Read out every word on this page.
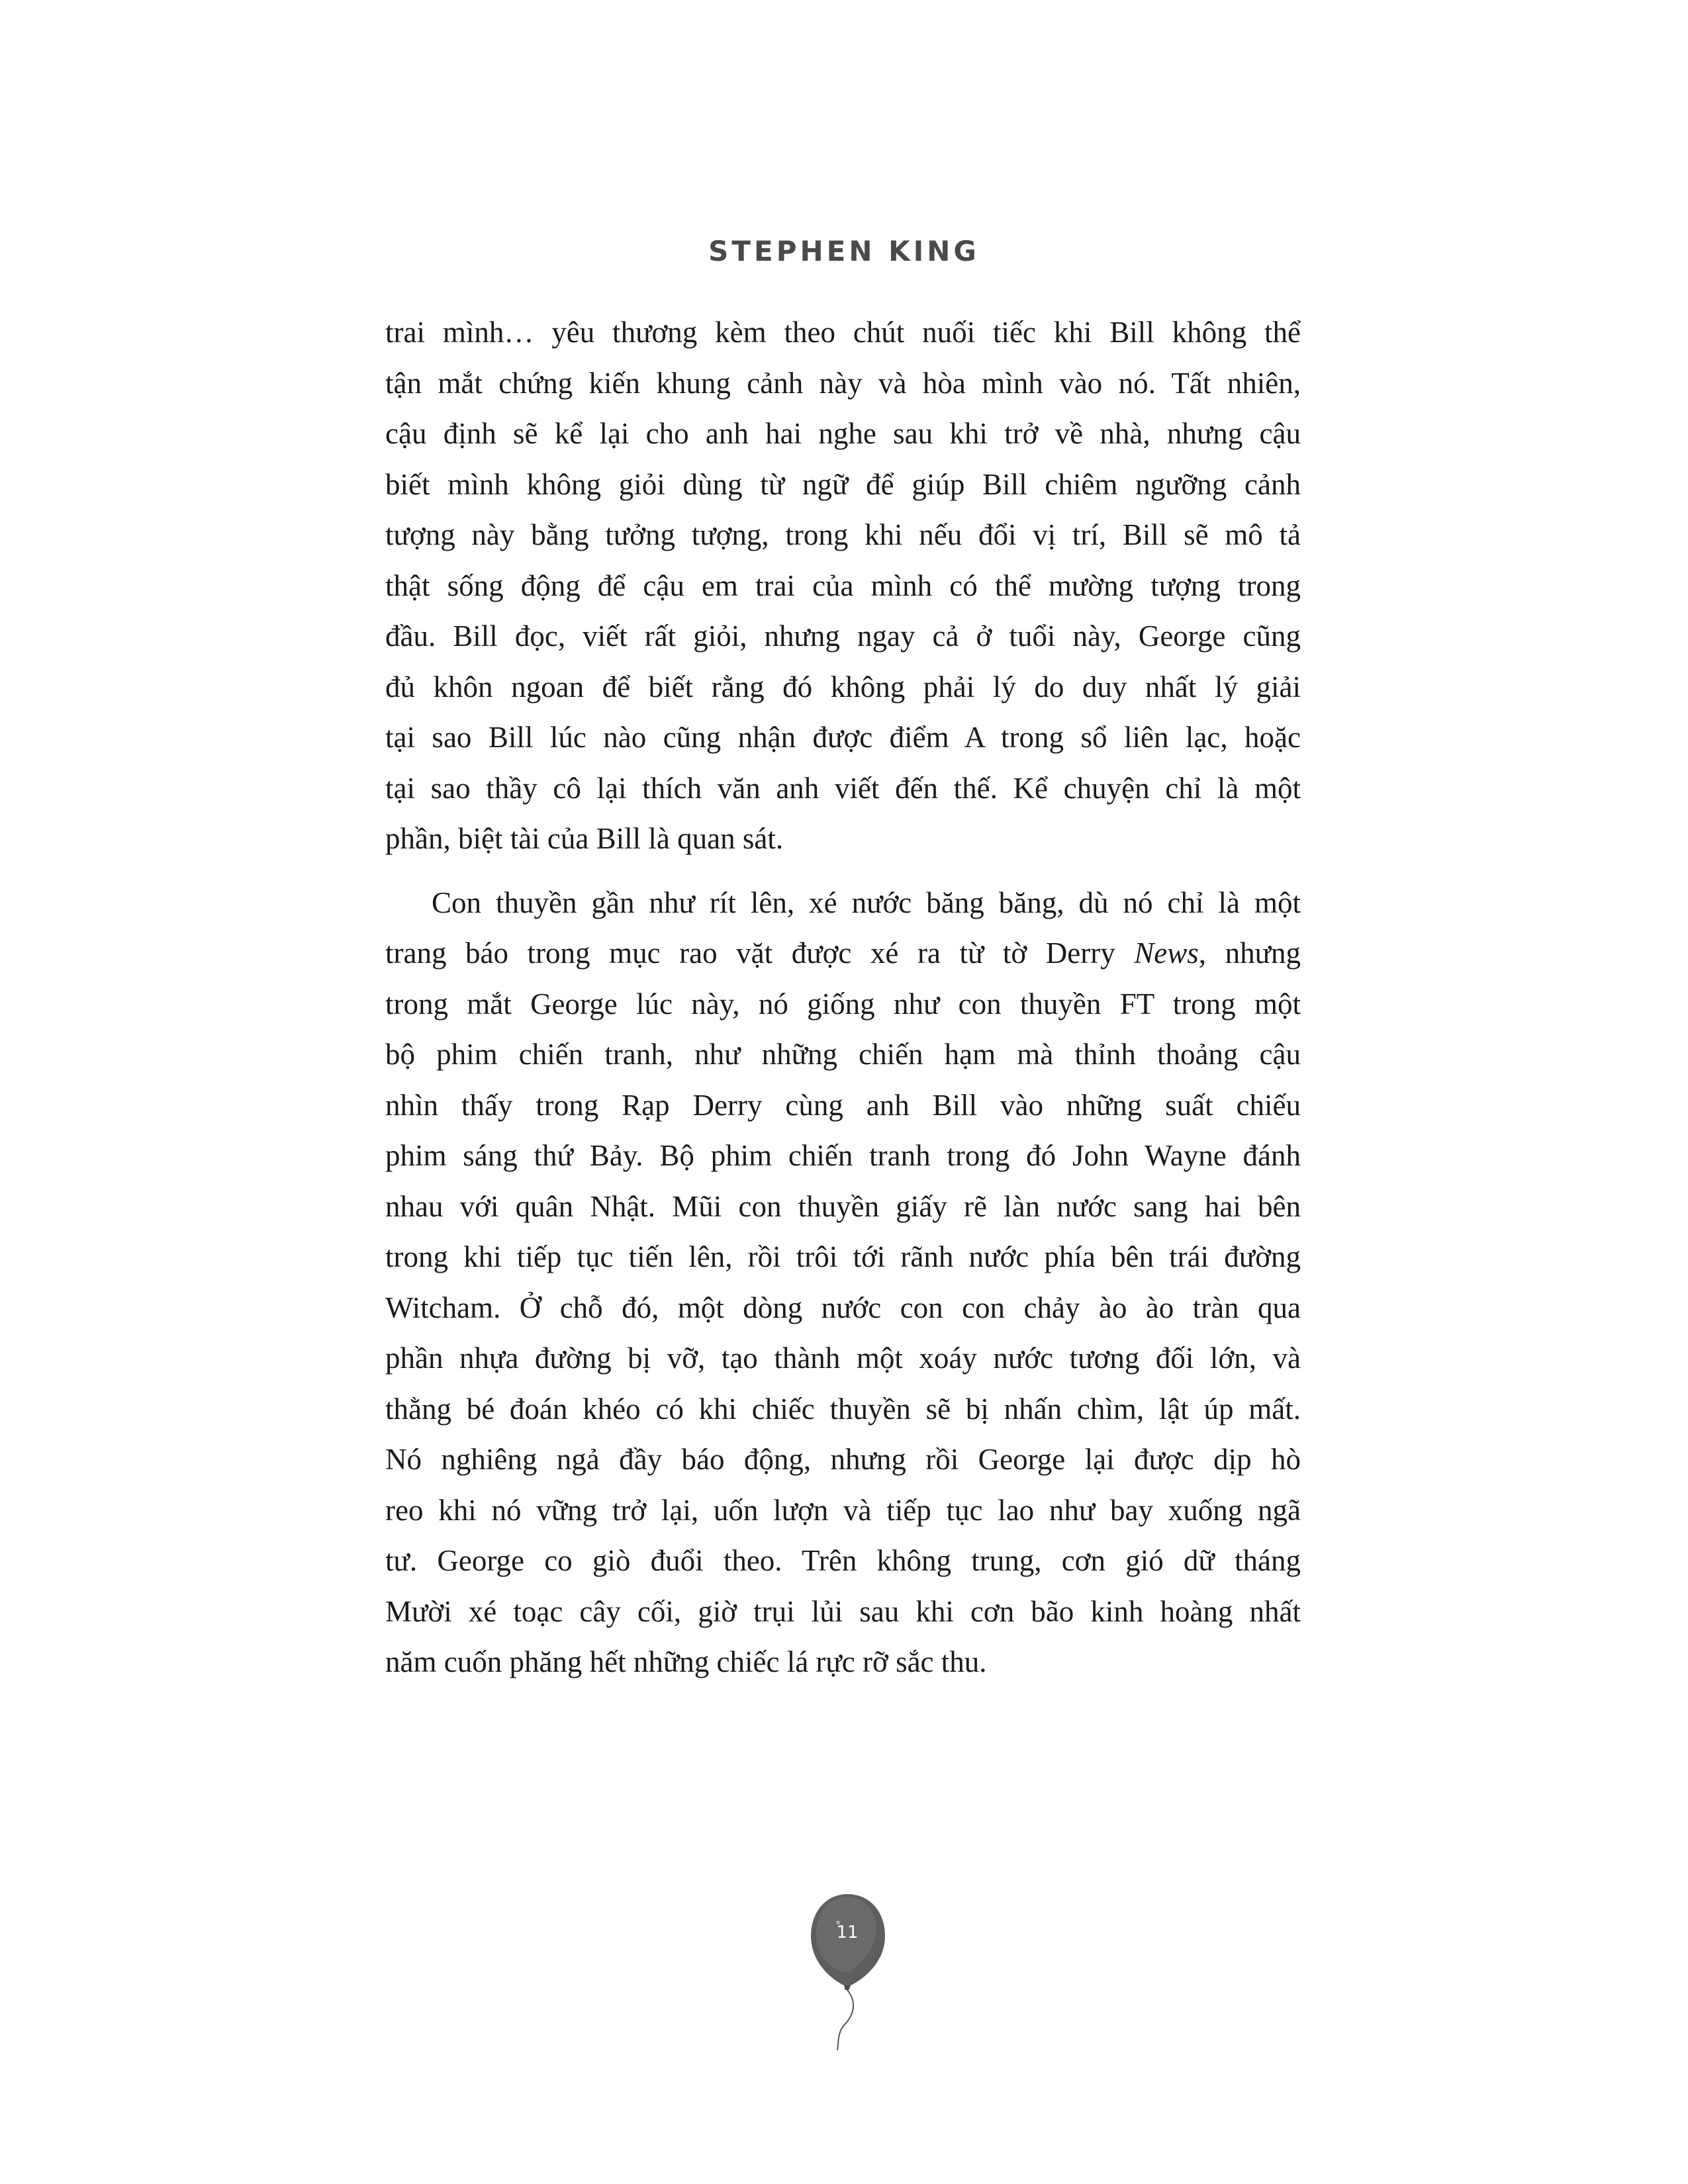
STEPHEN KING
trai mình… yêu thương kèm theo chút nuối tiếc khi Bill không thể
tận mắt chứng kiến khung cảnh này và hòa mình vào nó. Tất nhiên,
cậu định sẽ kể lại cho anh hai nghe sau khi trở về nhà, nhưng cậu
biết mình không giỏi dùng từ ngữ để giúp Bill chiêm ngưỡng cảnh
tượng này bằng tưởng tượng, trong khi nếu đổi vị trí, Bill sẽ mô tả
thật sống động để cậu em trai của mình có thể mường tượng trong
đầu. Bill đọc, viết rất giỏi, nhưng ngay cả ở tuổi này, George cũng
đủ khôn ngoan để biết rằng đó không phải lý do duy nhất lý giải
tại sao Bill lúc nào cũng nhận được điểm A trong sổ liên lạc, hoặc
tại sao thầy cô lại thích văn anh viết đến thế. Kể chuyện chỉ là một
phần, biệt tài của Bill là quan sát.
Con thuyền gần như rít lên, xé nước băng băng, dù nó chỉ là một
trang báo trong mục rao vặt được xé ra từ tờ Derry News, nhưng
trong mắt George lúc này, nó giống như con thuyền FT trong một
bộ phim chiến tranh, như những chiến hạm mà thỉnh thoảng cậu
nhìn thấy trong Rạp Derry cùng anh Bill vào những suất chiếu
phim sáng thứ Bảy. Bộ phim chiến tranh trong đó John Wayne đánh
nhau với quân Nhật. Mũi con thuyền giấy rẽ làn nước sang hai bên
trong khi tiếp tục tiến lên, rồi trôi tới rãnh nước phía bên trái đường
Witcham. Ở chỗ đó, một dòng nước con con chảy ào ào tràn qua
phần nhựa đường bị vỡ, tạo thành một xoáy nước tương đối lớn, và
thằng bé đoán khéo có khi chiếc thuyền sẽ bị nhấn chìm, lật úp mất.
Nó nghiêng ngả đầy báo động, nhưng rồi George lại được dịp hò
reo khi nó vững trở lại, uốn lượn và tiếp tục lao như bay xuống ngã
tư. George co giò đuổi theo. Trên không trung, cơn gió dữ tháng
Mười xé toạc cây cối, giờ trụi lủi sau khi cơn bão kinh hoàng nhất
năm cuốn phăng hết những chiếc lá rực rỡ sắc thu.
11
